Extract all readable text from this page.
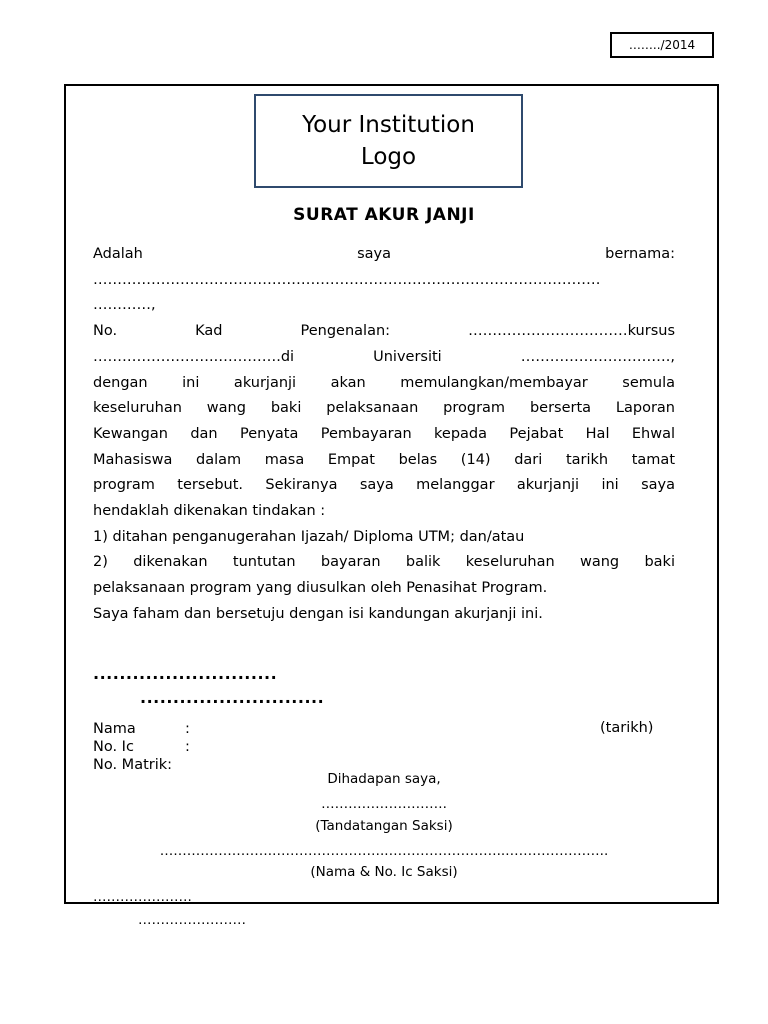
……../2014
Your Institution
Logo
SURAT AKUR JANJI
Adalah saya bernama:
……………………………………………………………………………………………
…………,
No. Kad Pengenalan: ……………………………kursus
……………………..………….di Universiti ………………………….,
dengan ini akurjanji akan memulangkan/membayar semula
keseluruhan wang baki pelaksanaan program berserta Laporan
Kewangan dan Penyata Pembayaran kepada Pejabat Hal Ehwal
Mahasiswa dalam masa Empat belas (14) dari tarikh tamat
program tersebut. Sekiranya saya melanggar akurjanji ini saya
hendaklah dikenakan tindakan :
1) ditahan penganugerahan Ijazah/ Diploma UTM; dan/atau
2) dikenakan tuntutan bayaran balik keseluruhan wang baki
pelaksanaan program yang diusulkan oleh Penasihat Program.
Saya faham dan bersetuju dengan isi kandungan akurjanji ini.
............................
............................
Nama	:
No. Ic	:
No. Matrik:
(tarikh)
Dihadapan saya,
……………………….
(Tandatangan Saksi)
…………………….……………………..……………………..…………………..
(Nama & No. Ic Saksi)
………………….
……………………
